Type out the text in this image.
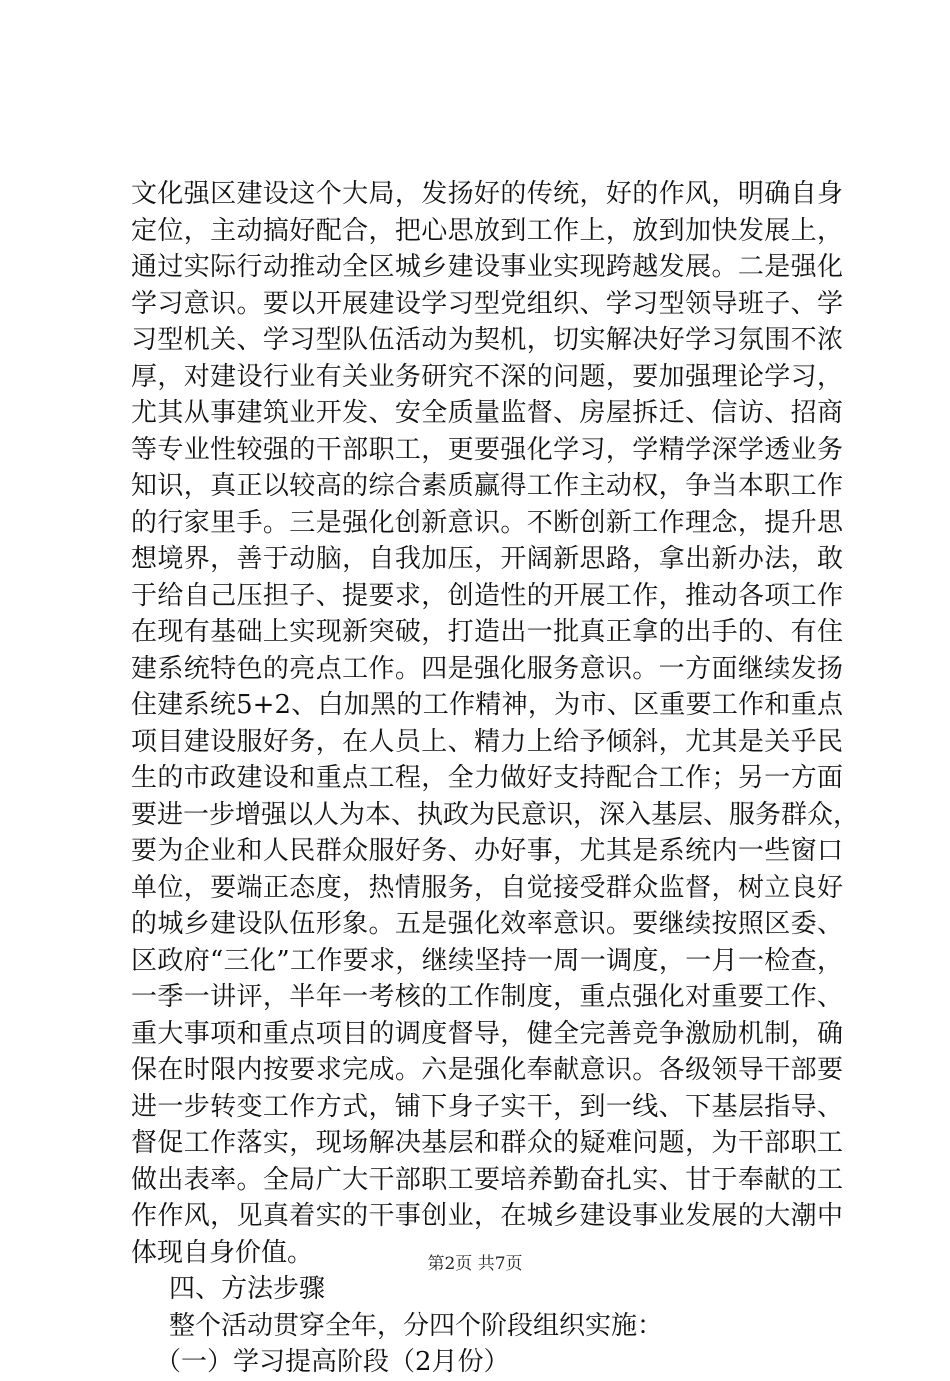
文化强区建设这个大局，发扬好的传统，好的作风，明确自身
定位，主动搞好配合，把心思放到工作上，放到加快发展上，
通过实际行动推动全区城乡建设事业实现跨越发展。二是强化
学习意识。要以开展建设学习型党组织、学习型领导班子、学
习型机关、学习型队伍活动为契机，切实解决好学习氛围不浓
厚，对建设行业有关业务研究不深的问题，要加强理论学习，
尤其从事建筑业开发、安全质量监督、房屋拆迁、信访、招商
等专业性较强的干部职工，更要强化学习，学精学深学透业务
知识，真正以较高的综合素质赢得工作主动权，争当本职工作
的行家里手。三是强化创新意识。不断创新工作理念，提升思
想境界，善于动脑，自我加压，开阔新思路，拿出新办法，敢
于给自己压担子、提要求，创造性的开展工作，推动各项工作
在现有基础上实现新突破，打造出一批真正拿的出手的、有住
建系统特色的亮点工作。四是强化服务意识。一方面继续发扬
住建系统5+2、白加黑的工作精神，为市、区重要工作和重点
项目建设服好务，在人员上、精力上给予倾斜，尤其是关乎民
生的市政建设和重点工程，全力做好支持配合工作；另一方面
要进一步增强以人为本、执政为民意识，深入基层、服务群众，
要为企业和人民群众服好务、办好事，尤其是系统内一些窗口
单位，要端正态度，热情服务，自觉接受群众监督，树立良好
的城乡建设队伍形象。五是强化效率意识。要继续按照区委、
区政府“三化”工作要求，继续坚持一周一调度，一月一检查，
一季一讲评，半年一考核的工作制度，重点强化对重要工作、
重大事项和重点项目的调度督导，健全完善竞争激励机制，确
保在时限内按要求完成。六是强化奉献意识。各级领导干部要
进一步转变工作方式，铺下身子实干，到一线、下基层指导、
督促工作落实，现场解决基层和群众的疑难问题，为干部职工
做出表率。全局广大干部职工要培养勤奋扎实、甘于奉献的工
作作风，见真着实的干事创业，在城乡建设事业发展的大潮中
体现自身价值。
四、方法步骤
整个活动贯穿全年，分四个阶段组织实施：
（一）学习提高阶段（2月份）
第2页 共7页
